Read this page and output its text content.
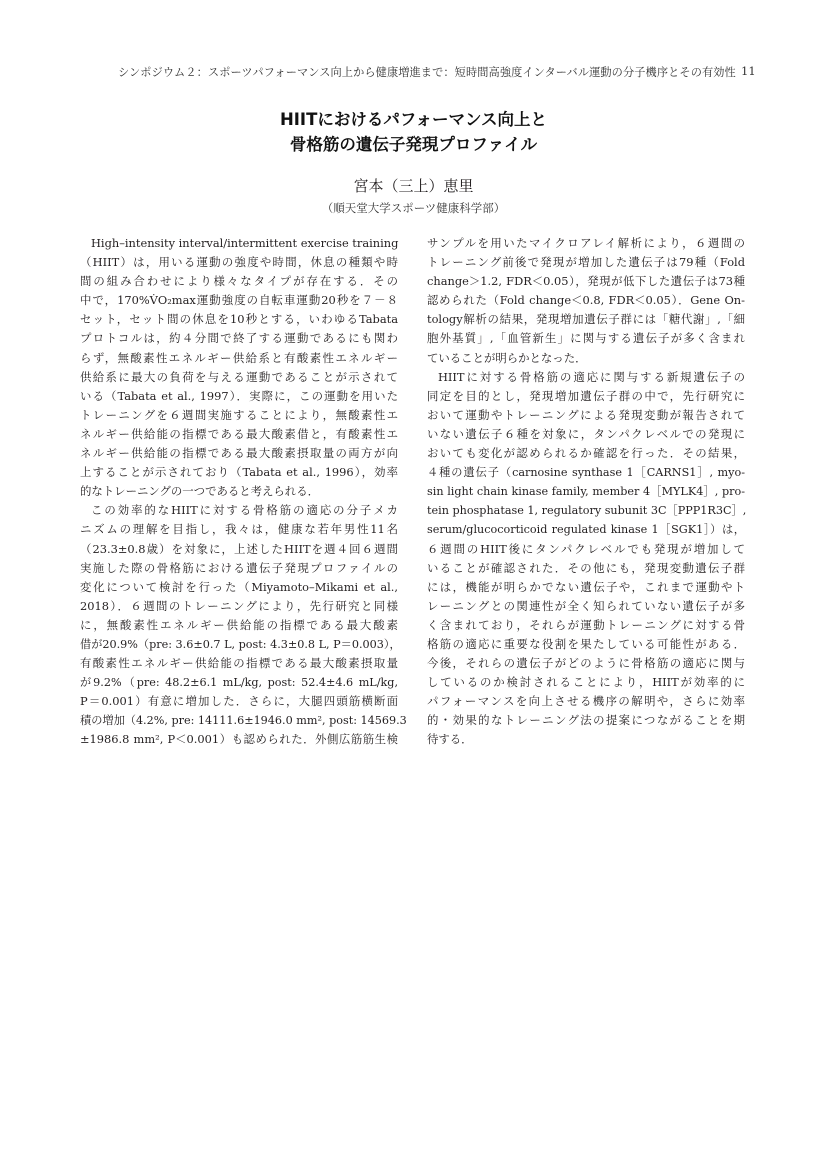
シンポジウム２：スポーツパフォーマンス向上から健康増進まで：短時間高強度インターバル運動の分子機序とその有効性 11
HIITにおけるパフォーマンス向上と
骨格筋の遺伝子発現プロファイル
宮本（三上）恵里
（順天堂大学スポーツ健康科学部）
High–intensity interval/intermittent exercise training
（HIIT）は，用いる運動の強度や時間，休息の種類や時
間の組み合わせにより様々なタイプが存在する．その
中で，170%V̇O₂max運動強度の自転車運動20秒を７－８
セット，セット間の休息を10秒とする，いわゆるTabata
プロトコルは，約４分間で終了する運動であるにも関わ
らず，無酸素性エネルギー供給系と有酸素性エネルギー
供給系に最大の負荷を与える運動であることが示されて
いる（Tabata et al., 1997）．実際に，この運動を用いた
トレーニングを６週間実施することにより，無酸素性エ
ネルギー供給能の指標である最大酸素借と，有酸素性エ
ネルギー供給能の指標である最大酸素摂取量の両方が向
上することが示されており（Tabata et al., 1996），効率
的なトレーニングの一つであると考えられる．
この効率的なHIITに対する骨格筋の適応の分子メカ
ニズムの理解を目指し，我々は，健康な若年男性11名
（23.3±0.8歳）を対象に，上述したHIITを週４回６週間
実施した際の骨格筋における遺伝子発現プロファイルの
変化について検討を行った（Miyamoto–Mikami et al.,
2018）．６週間のトレーニングにより，先行研究と同様
に，無酸素性エネルギー供給能の指標である最大酸素
借が20.9%（pre: 3.6±0.7 L, post: 4.3±0.8 L, P＝0.003），
有酸素性エネルギー供給能の指標である最大酸素摂取量
が9.2%（pre: 48.2±6.1 mL/kg, post: 52.4±4.6 mL/kg,
P＝0.001）有意に増加した．さらに，大腿四頭筋横断面
積の増加（4.2%, pre: 14111.6±1946.0 mm², post: 14569.3
±1986.8 mm², P＜0.001）も認められた．外側広筋筋生検
サンプルを用いたマイクロアレイ解析により，６週間の
トレーニング前後で発現が増加した遺伝子は79種（Fold
change＞1.2, FDR＜0.05），発現が低下した遺伝子は73種
認められた（Fold change＜0.8, FDR＜0.05）．Gene On-
tology解析の結果，発現増加遺伝子群には「糖代謝」,「細
胞外基質」,「血管新生」に関与する遺伝子が多く含まれ
ていることが明らかとなった．
HIITに対する骨格筋の適応に関与する新規遺伝子の
同定を目的とし，発現増加遺伝子群の中で，先行研究に
おいて運動やトレーニングによる発現変動が報告されて
いない遺伝子６種を対象に，タンパクレベルでの発現に
おいても変化が認められるか確認を行った．その結果，
４種の遺伝子（carnosine synthase 1［CARNS1］, myo-
sin light chain kinase family, member 4［MYLK4］, pro-
tein phosphatase 1, regulatory subunit 3C［PPP1R3C］,
serum/glucocorticoid regulated kinase 1［SGK1］）は，
６週間のHIIT後にタンパクレベルでも発現が増加して
いることが確認された．その他にも，発現変動遺伝子群
には，機能が明らかでない遺伝子や，これまで運動やト
レーニングとの関連性が全く知られていない遺伝子が多
く含まれており，それらが運動トレーニングに対する骨
格筋の適応に重要な役割を果たしている可能性がある．
今後，それらの遺伝子がどのように骨格筋の適応に関与
しているのか検討されることにより，HIITが効率的に
パフォーマンスを向上させる機序の解明や，さらに効率
的・効果的なトレーニング法の提案につながることを期
待する．
